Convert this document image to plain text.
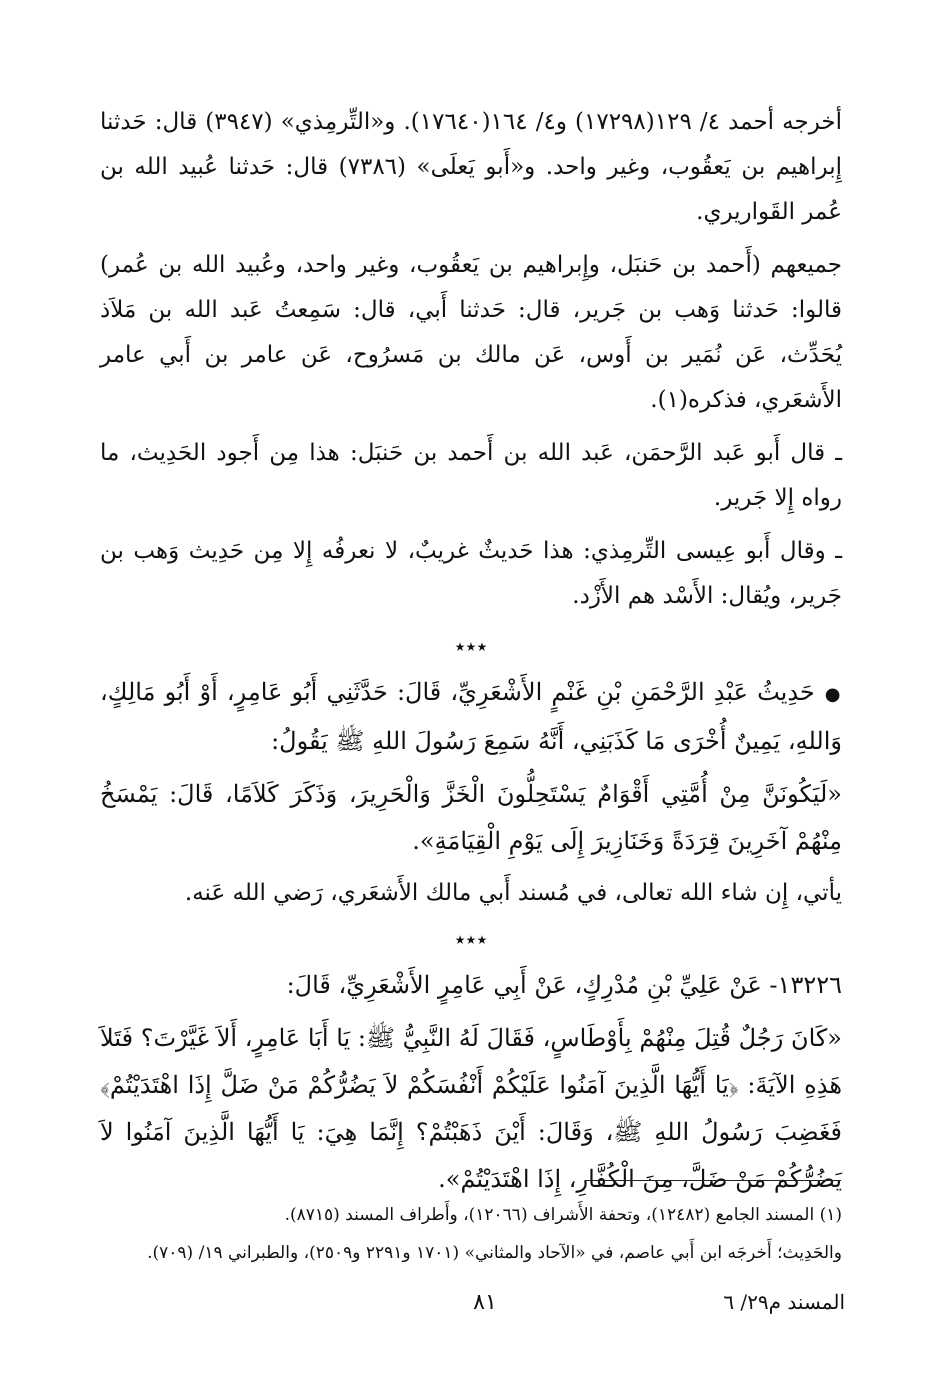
أخرجه أحمد ٤/ ١٢٩(١٧٢٩٨) و٤/ ١٦٤(١٧٦٤٠). و«التِّرمِذي» (٣٩٤٧) قال: حَدثنا إِبراهيم بن يَعقُوب، وغير واحد. و«أَبو يَعلَى» (٧٣٨٦) قال: حَدثنا عُبيد الله بن عُمر القَواريري.

جميعهم (أَحمد بن حَنبَل، وإِبراهيم بن يَعقُوب، وغير واحد، وعُبيد الله بن عُمر) قالوا: حَدثنا وَهب بن جَرير، قال: حَدثنا أَبي، قال: سَمِعتُ عَبد الله بن مَلاَذ يُحَدِّث، عَن نُمَير بن أَوس، عَن مالك بن مَسرُوح، عَن عامر بن أَبي عامر الأَشعَري، فذكره(١).

ـ قال أَبو عَبد الرَّحمَن، عَبد الله بن أَحمد بن حَنبَل: هذا مِن أَجود الحَدِيث، ما رواه إِلا جَرير.

ـ وقال أَبو عِيسى التِّرمِذي: هذا حَديثٌ غريبٌ، لا نعرفُه إِلا مِن حَدِيث وَهب بن جَرير، ويُقال: الأَسْد هم الأَزْد.

٭٭٭

●حَدِيثُ عَبْدِ الرَّحْمَنِ بْنِ غَنْمٍ الأَشْعَرِيِّ، قَالَ: حَدَّثَنِي أَبُو عَامِرٍ، أَوْ أَبُو مَالِكٍ، وَاللهِ، يَمِينٌ أُخْرَى مَا كَذَبَنِي، أَنَّهُ سَمِعَ رَسُولَ اللهِ ﷺ يَقُولُ:

«لَيَكُونَنَّ مِنْ أُمَّتِي أَقْوَامٌ يَسْتَحِلُّونَ الْخَزَّ وَالْحَرِيرَ، وَذَكَرَ كَلاَمًا، قَالَ: يَمْسَخُ مِنْهُمْ آخَرِينَ قِرَدَةً وَخَنَازِيرَ إِلَى يَوْمِ الْقِيَامَةِ».

يأتي، إِن شاء الله تعالى، في مُسند أَبي مالك الأَشعَري، رَضي الله عَنه.

٭٭٭

١٣٢٢٦- عَنْ عَلِيِّ بْنِ مُدْرِكٍ، عَنْ أَبِي عَامِرٍ الأَشْعَرِيِّ، قَالَ:

«كَانَ رَجُلٌ قُتِلَ مِنْهُمْ بِأَوْطَاسٍ، فَقَالَ لَهُ النَّبِيُّ ﷺ: يَا أَبَا عَامِرٍ، أَلاَ غَيَّرْتَ؟ فَتَلاَ هَذِهِ الآيَةَ: ﴿يَا أَيُّهَا الَّذِينَ آمَنُوا عَلَيْكُمْ أَنْفُسَكُمْ لاَ يَضُرُّكُمْ مَنْ ضَلَّ إِذَا اهْتَدَيْتُمْ﴾ فَغَضِبَ رَسُولُ اللهِ ﷺ، وَقَالَ: أَيْنَ ذَهَبْتُمْ؟ إِنَّمَا هِيَ: يَا أَيُّهَا الَّذِينَ آمَنُوا لاَ يَضُرُّكُمْ مَنْ ضَلَّ، مِنَ الْكُفَّارِ، إِذَا اهْتَدَيْتُمْ».

(١) المسند الجامع (١٢٤٨٢)، وتحفة الأَشراف (١٢٠٦٦)، وأَطراف المسند (٨٧١٥).

والحَدِيث؛ أَخرجَه ابن أَبي عاصم، في «الآحاد والمثاني» (١٧٠١ و٢٢٩١ و٢٥٠٩)، والطبراني ١٩/ (٧٠٩).

المسند م٢٩/ ٦
٨١
